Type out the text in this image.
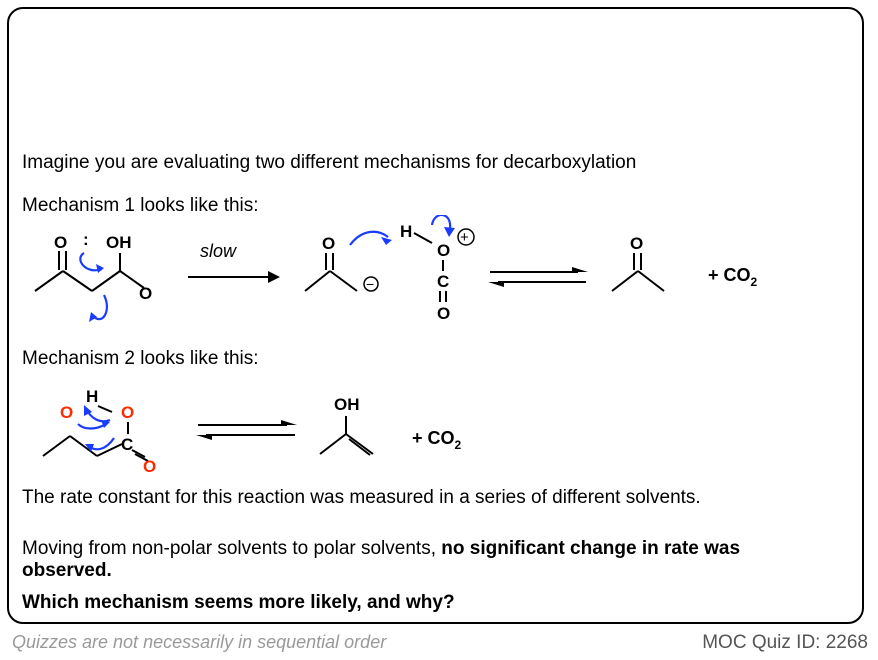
Imagine you are evaluating two different mechanisms for decarboxylation
Mechanism 1 looks like this:
Mechanism 2 looks like this:
O : OH
O
slow	O
−
H
O
+
C
O
O
+ $CO_2$
O
H
O
C
O
OH
+ $CO_2$
The rate constant for this reaction was measured in a series of different solvents.
Moving from non-polar solvents to polar solvents, no significant change in rate was observed.
Which mechanism seems more likely, and why?
Quizzes are not necessarily in sequential order	MOC Quiz ID: 2268
